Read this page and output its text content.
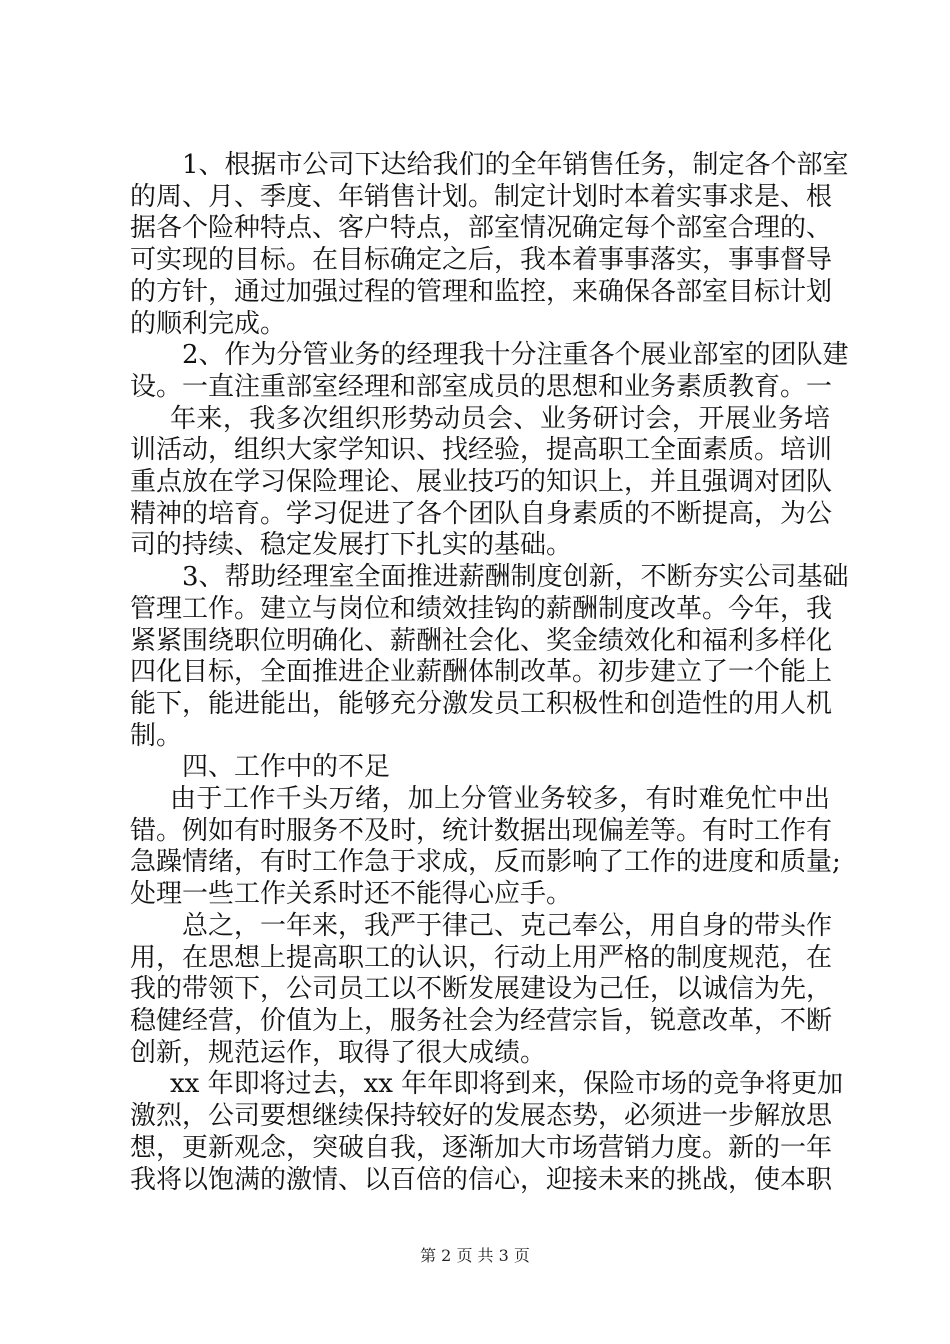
1、根据市公司下达给我们的全年销售任务，制定各个部室
的周、月、季度、年销售计划。制定计划时本着实事求是、根
据各个险种特点、客户特点，部室情况确定每个部室合理的、
可实现的目标。在目标确定之后，我本着事事落实，事事督导
的方针，通过加强过程的管理和监控，来确保各部室目标计划
的顺利完成。
2、作为分管业务的经理我十分注重各个展业部室的团队建
设。一直注重部室经理和部室成员的思想和业务素质教育。一
年来，我多次组织形势动员会、业务研讨会，开展业务培
训活动，组织大家学知识、找经验，提高职工全面素质。培训
重点放在学习保险理论、展业技巧的知识上，并且强调对团队
精神的培育。学习促进了各个团队自身素质的不断提高，为公
司的持续、稳定发展打下扎实的基础。
3、帮助经理室全面推进薪酬制度创新，不断夯实公司基础
管理工作。建立与岗位和绩效挂钩的薪酬制度改革。今年，我
紧紧围绕职位明确化、薪酬社会化、奖金绩效化和福利多样化
四化目标，全面推进企业薪酬体制改革。初步建立了一个能上
能下，能进能出，能够充分激发员工积极性和创造性的用人机
制。
四、工作中的不足
由于工作千头万绪，加上分管业务较多，有时难免忙中出
错。例如有时服务不及时，统计数据出现偏差等。有时工作有
急躁情绪，有时工作急于求成，反而影响了工作的进度和质量;
处理一些工作关系时还不能得心应手。
总之，一年来，我严于律己、克己奉公，用自身的带头作
用，在思想上提高职工的认识，行动上用严格的制度规范，在
我的带领下，公司员工以不断发展建设为己任，以诚信为先，
稳健经营，价值为上，服务社会为经营宗旨，锐意改革，不断
创新，规范运作，取得了很大成绩。
xx 年即将过去，xx 年年即将到来，保险市场的竞争将更加
激烈，公司要想继续保持较好的发展态势，必须进一步解放思
想，更新观念，突破自我，逐渐加大市场营销力度。新的一年
我将以饱满的激情、以百倍的信心，迎接未来的挑战，使本职
第 2 页 共 3 页
